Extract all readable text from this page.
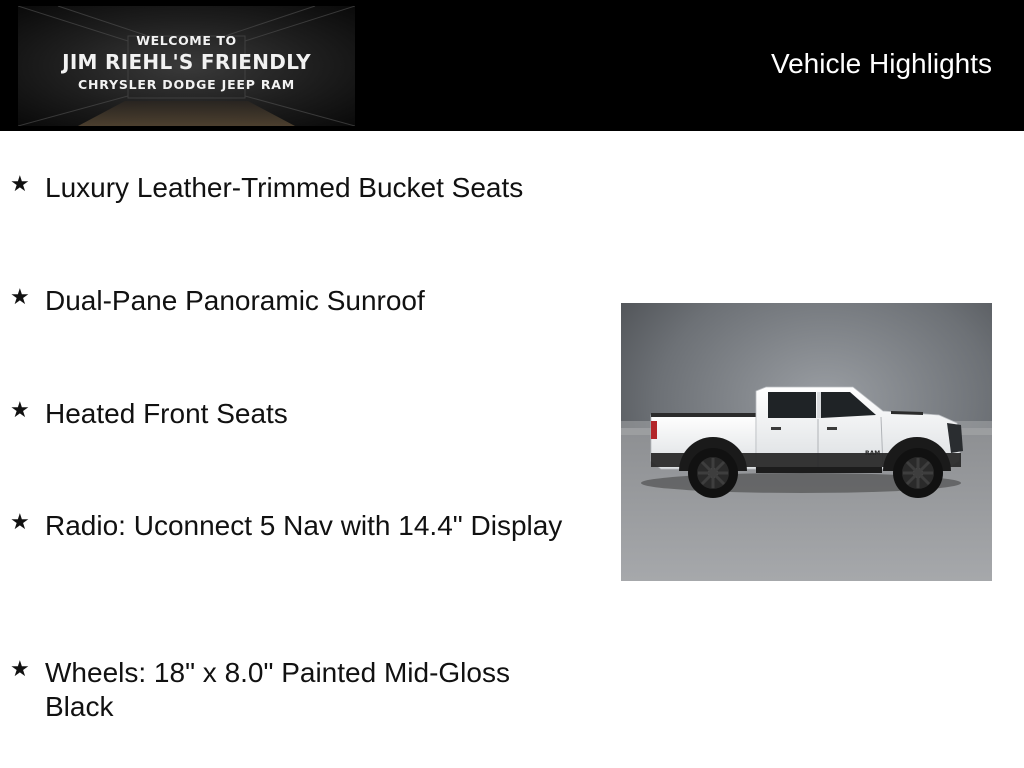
WELCOME TO
JIM RIEHL'S FRIENDLY
CHRYSLER DODGE JEEP RAM
Vehicle Highlights
★ Luxury Leather-Trimmed Bucket Seats
★ Dual-Pane Panoramic Sunroof
★ Heated Front Seats
★ Radio: Uconnect 5 Nav with 14.4" Display
★ Wheels: 18" x 8.0" Painted Mid-Gloss Black
RAM
